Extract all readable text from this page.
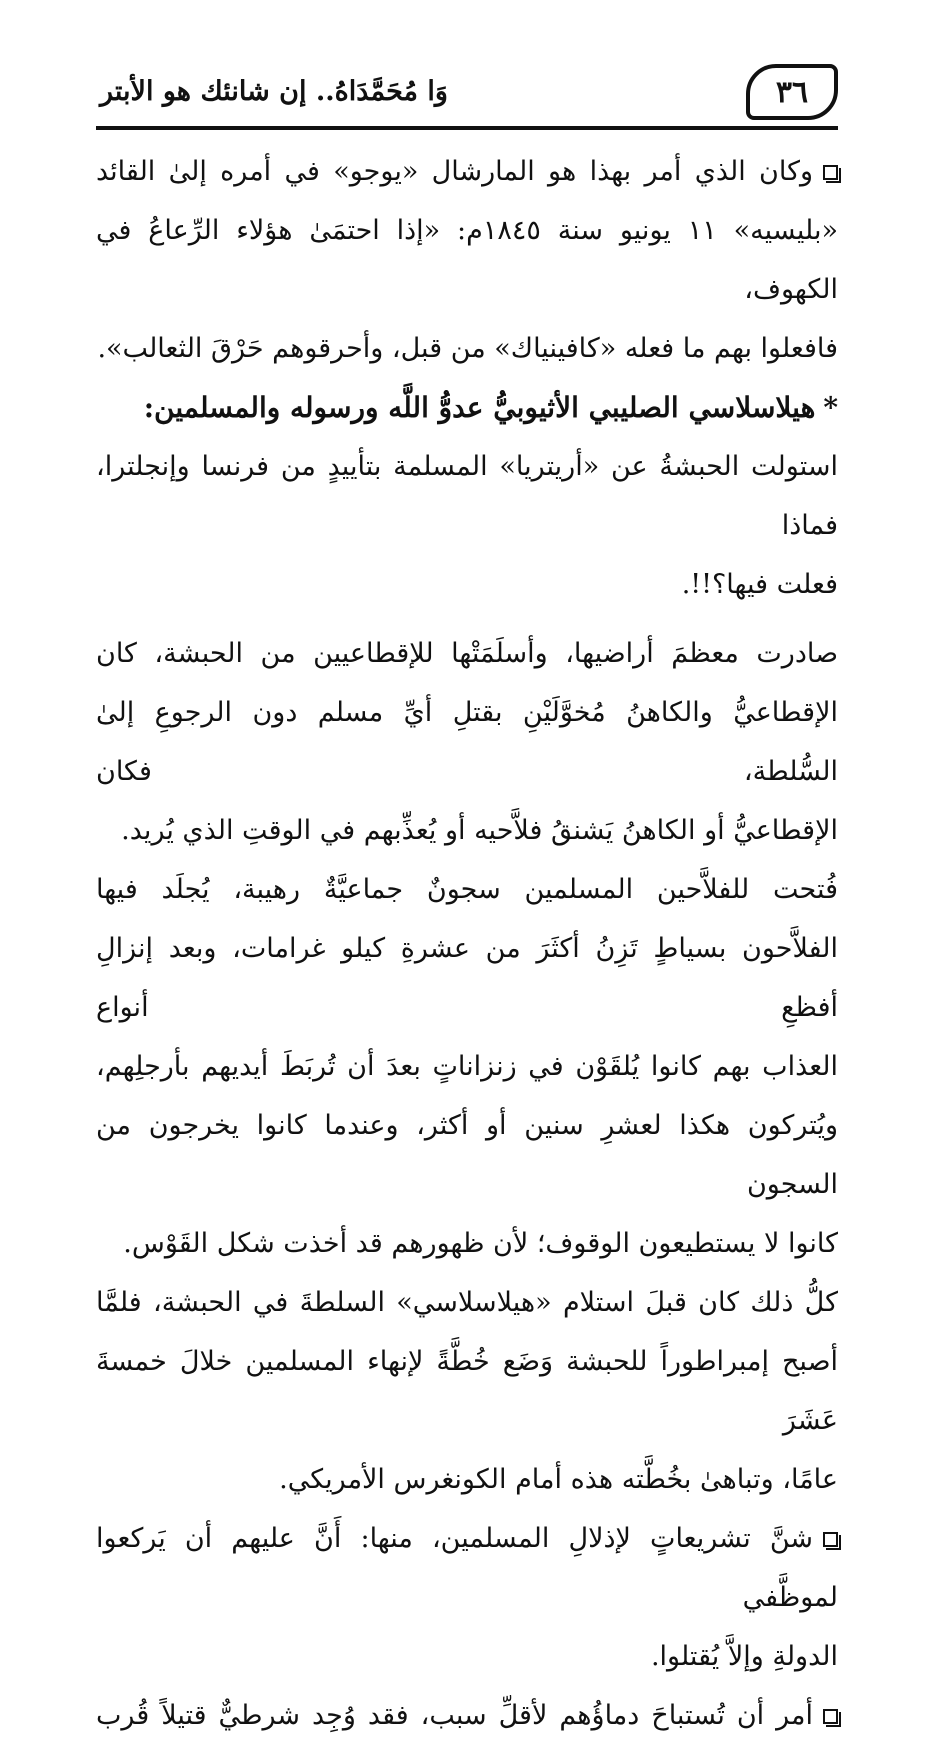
٣٦
وَا مُحَمَّدَاهُ.. إن شانئك هو الأبتر

وكان الذي أمر بهذا هو المارشال «يوجو» في أمره إلىٰ القائد
«بليسيه» ١١ يونيو سنة ١٨٤٥م: «إذا احتمَىٰ هؤلاء الرِّعاعُ في الكهوف،
فافعلوا بهم ما فعله «كافينياك» من قبل، وأحرقوهم حَرْقَ الثعالب».

*هيلاسلاسي الصليبي الأثيوبيُّ عدوُّ اللَّه ورسوله والمسلمين:

استولت الحبشةُ عن «أريتريا» المسلمة بتأييدٍ من فرنسا وإنجلترا، فماذا
فعلت فيها؟!!.

صادرت معظمَ أراضيها، وأسلَمَتْها للإقطاعيين من الحبشة، كان
الإقطاعيُّ والكاهنُ مُخوَّلَيْنِ بقتلِ أيِّ مسلم دون الرجوعِ إلىٰ السُّلطة، فكان
الإقطاعيُّ أو الكاهنُ يَشنقُ فلاَّحيه أو يُعذِّبهم في الوقتِ الذي يُريد.

فُتحت للفلاَّحين المسلمين سجونٌ جماعيَّةٌ رهيبة، يُجلَد فيها
الفلاَّحون بسياطٍ تَزِنُ أكثَرَ من عشرةِ كيلو غرامات، وبعد إنزالِ أفظعِ أنواع
العذاب بهم كانوا يُلقَوْن في زنزاناتٍ بعدَ أن تُربَطَ أيديهم بأرجلِهم،
ويُتركون هكذا لعشرِ سنين أو أكثر، وعندما كانوا يخرجون من السجون
كانوا لا يستطيعون الوقوف؛ لأن ظهورهم قد أخذت شكل القَوْس.

كلُّ ذلك كان قبلَ استلام «هيلاسلاسي» السلطةَ في الحبشة، فلمَّا
أصبح إمبراطوراً للحبشة وَضَع خُطَّةً لإنهاء المسلمين خلالَ خمسةَ عَشَرَ
عامًا، وتباهىٰ بخُطَّته هذه أمام الكونغرس الأمريكي.

شنَّ تشريعاتٍ لإذلالِ المسلمين، منها: أَنَّ عليهم أن يَركعوا لموظَّفي
الدولةِ وإلاَّ يُقتلوا.

أمر أن تُستباحَ دماؤُهم لأقلِّ سبب، فقد وُجِد شرطيٌّ قتيلاً قُرب
